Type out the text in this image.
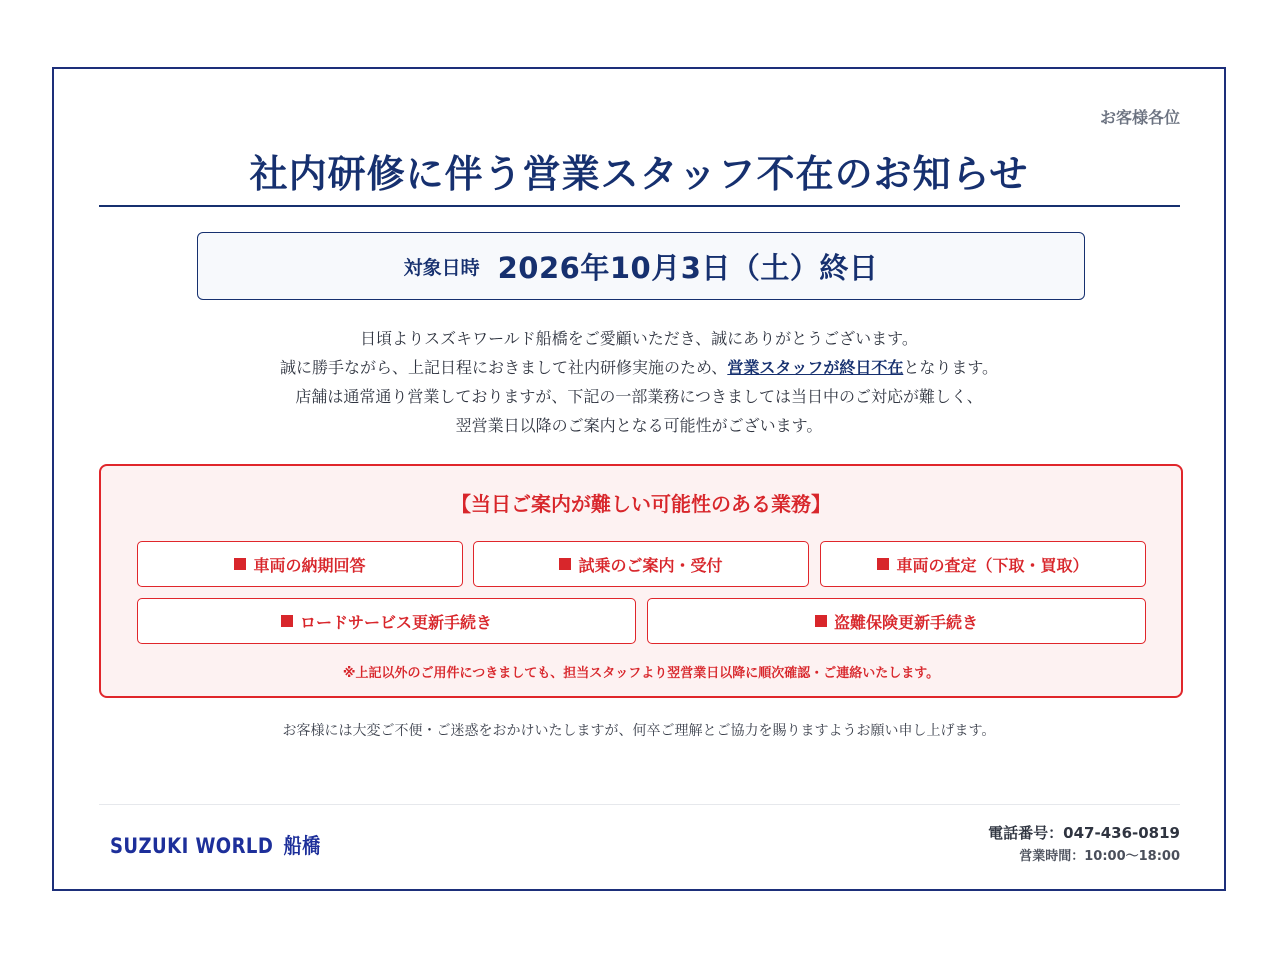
お客様各位
社内研修に伴う営業スタッフ不在のお知らせ
対象日時 2026年10月3日（土）終日
日頃よりスズキワールド船橋をご愛顧いただき、誠にありがとうございます。
誠に勝手ながら、上記日程におきまして社内研修実施のため、営業スタッフが終日不在となります。
店舗は通常通り営業しておりますが、下記の一部業務につきましては当日中のご対応が難しく、
翌営業日以降のご案内となる可能性がございます。
【当日ご案内が難しい可能性のある業務】
車両の納期回答	試乗のご案内・受付	車両の査定（下取・買取）
ロードサービス更新手続き	盗難保険更新手続き
※上記以外のご用件につきましても、担当スタッフより翌営業日以降に順次確認・ご連絡いたします。
お客様には大変ご不便・ご迷惑をおかけいたしますが、何卒ご理解とご協力を賜りますようお願い申し上げます。
SUZUKI WORLD 船橋
電話番号：047-436-0819
営業時間：10:00〜18:00
